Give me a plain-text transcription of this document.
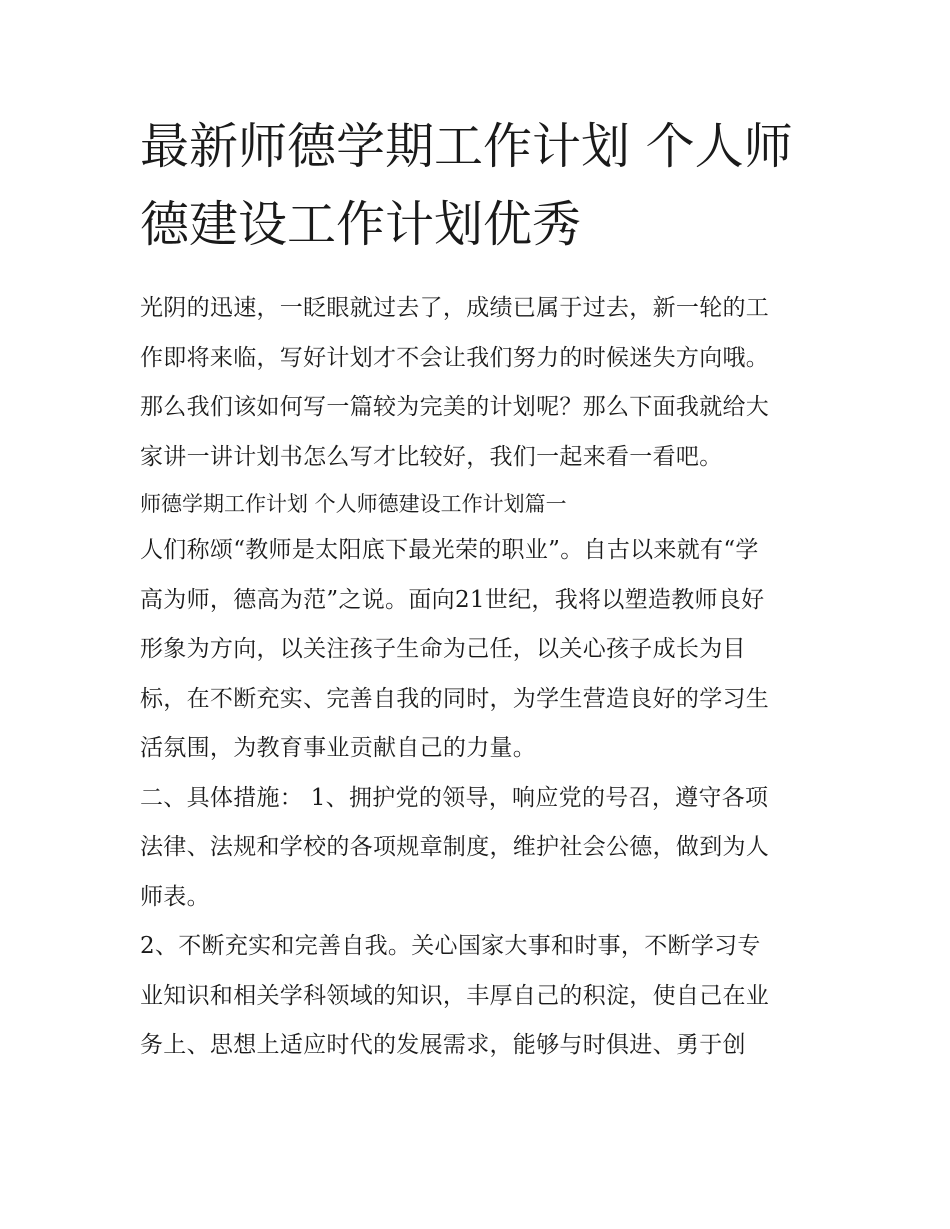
最新师德学期工作计划 个人师
德建设工作计划优秀

光阴的迅速，一眨眼就过去了，成绩已属于过去，新一轮的工
作即将来临，写好计划才不会让我们努力的时候迷失方向哦。
那么我们该如何写一篇较为完美的计划呢？那么下面我就给大
家讲一讲计划书怎么写才比较好，我们一起来看一看吧。

师德学期工作计划 个人师德建设工作计划篇一

人们称颂“教师是太阳底下最光荣的职业”。自古以来就有“学
高为师，德高为范”之说。面向21世纪，我将以塑造教师良好
形象为方向，以关注孩子生命为己任，以关心孩子成长为目
标，在不断充实、完善自我的同时，为学生营造良好的学习生
活氛围，为教育事业贡献自己的力量。

二、具体措施： 1、拥护党的领导，响应党的号召，遵守各项
法律、法规和学校的各项规章制度，维护社会公德，做到为人
师表。

2、不断充实和完善自我。关心国家大事和时事，不断学习专
业知识和相关学科领域的知识，丰厚自己的积淀，使自己在业
务上、思想上适应时代的发展需求，能够与时俱进、勇于创
